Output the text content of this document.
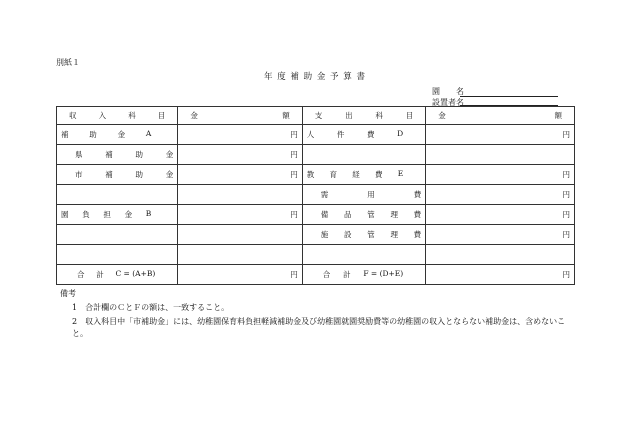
別紙１
年 度 補 助 金 予 算 書
園　　名
設置者名
収 入 科 目	金 額	支 出 科 目	金 額

補 助 金 A	円	人 件 費 D	円

県 補 助 金	円		

市 補 助 金	円	教 育 経 費 E	円

		需 用 費	円

園 負 担 金 B	円	備 品 管 理 費	円

		施 設 管 理 費	円

合 計 C = (A+B)	円	合 計 F = (D+E)	円
備考
1　合計欄のＣとＦの額は、一致すること。
2　収入科目中「市補助金」には、幼稚園保育料負担軽減補助金及び幼稚園就園奨励費等の幼稚園の収入とならない補助金は、含めないこ
と。
